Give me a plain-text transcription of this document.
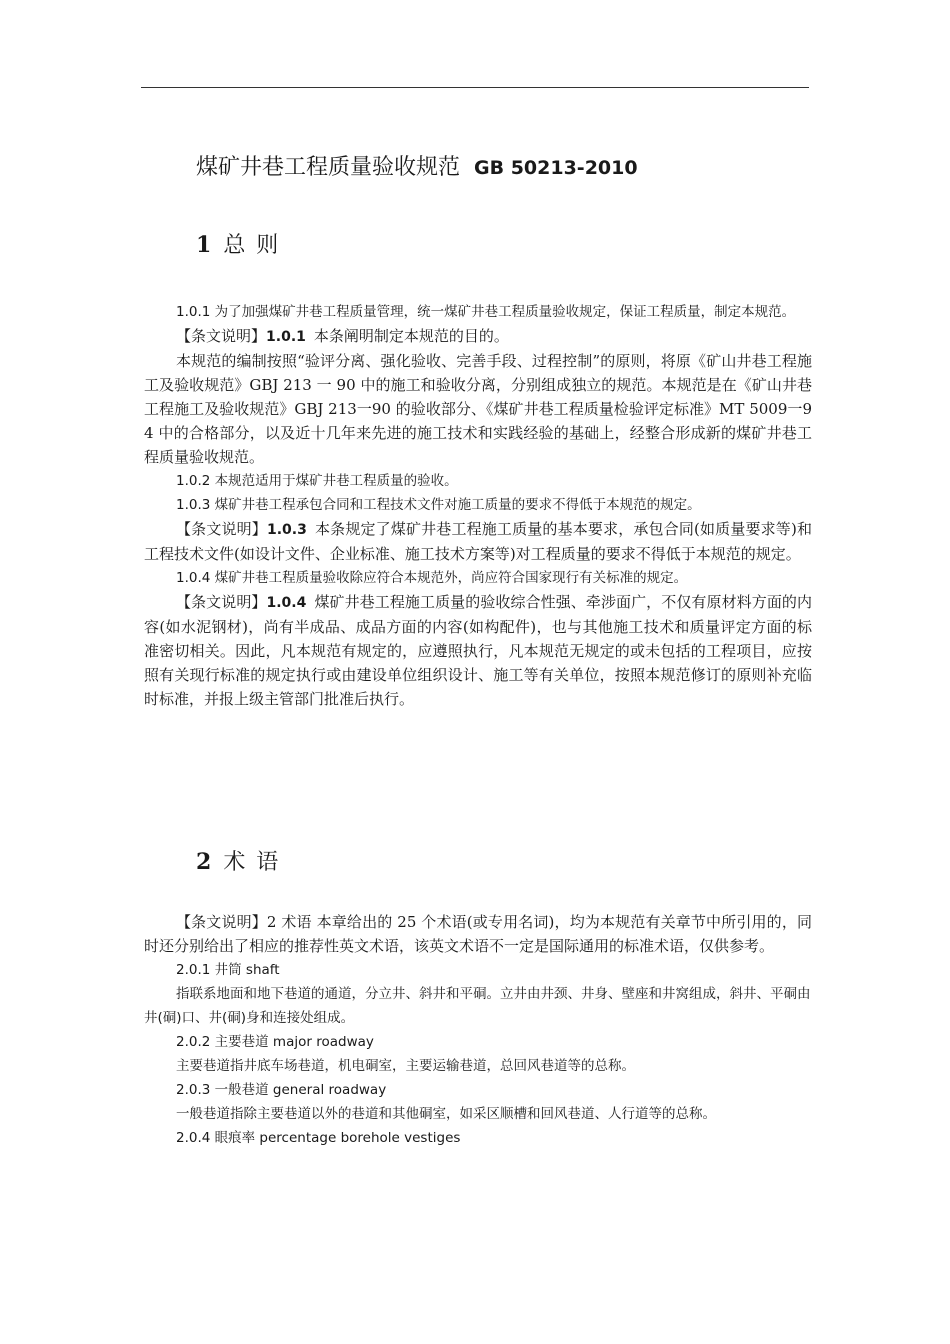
煤矿井巷工程质量验收规范 GB 50213-2010
1 总 则

1.0.1 为了加强煤矿井巷工程质量管理，统一煤矿井巷工程质量验收规定，保证工程质量，制定本规范。

【条文说明】1.0.1 本条阐明制定本规范的目的。

本规范的编制按照“验评分离、强化验收、完善手段、过程控制”的原则，将原《矿山井巷工程施工及验收规范》GBJ 213 一 90 中的施工和验收分离，分别组成独立的规范。本规范是在《矿山井巷工程施工及验收规范》GBJ 213一90 的验收部分、《煤矿井巷工程质量检验评定标准》MT 5009一94 中的合格部分，以及近十几年来先进的施工技术和实践经验的基础上，经整合形成新的煤矿井巷工程质量验收规范。

1.0.2 本规范适用于煤矿井巷工程质量的验收。

1.0.3 煤矿井巷工程承包合同和工程技术文件对施工质量的要求不得低于本规范的规定。

【条文说明】1.0.3 本条规定了煤矿井巷工程施工质量的基本要求，承包合同(如质量要求等)和工程技术文件(如设计文件、企业标准、施工技术方案等)对工程质量的要求不得低于本规范的规定。

1.0.4 煤矿井巷工程质量验收除应符合本规范外，尚应符合国家现行有关标准的规定。

【条文说明】1.0.4 煤矿井巷工程施工质量的验收综合性强、牵涉面广，不仅有原材料方面的内容(如水泥钢材)，尚有半成品、成品方面的内容(如构配件)，也与其他施工技术和质量评定方面的标准密切相关。因此，凡本规范有规定的，应遵照执行，凡本规范无规定的或未包括的工程项目，应按照有关现行标准的规定执行或由建设单位组织设计、施工等有关单位，按照本规范修订的原则补充临时标准，并报上级主管部门批准后执行。

2 术 语

【条文说明】2 术语 本章给出的 25 个术语(或专用名词)，均为本规范有关章节中所引用的，同时还分别给出了相应的推荐性英文术语，该英文术语不一定是国际通用的标准术语，仅供参考。

2.0.1 井筒 shaft

指联系地面和地下巷道的通道，分立井、斜井和平硐。立井由井颈、井身、壁座和井窝组成，斜井、平硐由井(硐)口、井(硐)身和连接处组成。

2.0.2 主要巷道 major roadway

主要巷道指井底车场巷道，机电硐室，主要运输巷道，总回风巷道等的总称。

2.0.3 一般巷道 general roadway

一般巷道指除主要巷道以外的巷道和其他硐室，如采区顺槽和回风巷道、人行道等的总称。

2.0.4 眼痕率 percentage borehole vestiges
